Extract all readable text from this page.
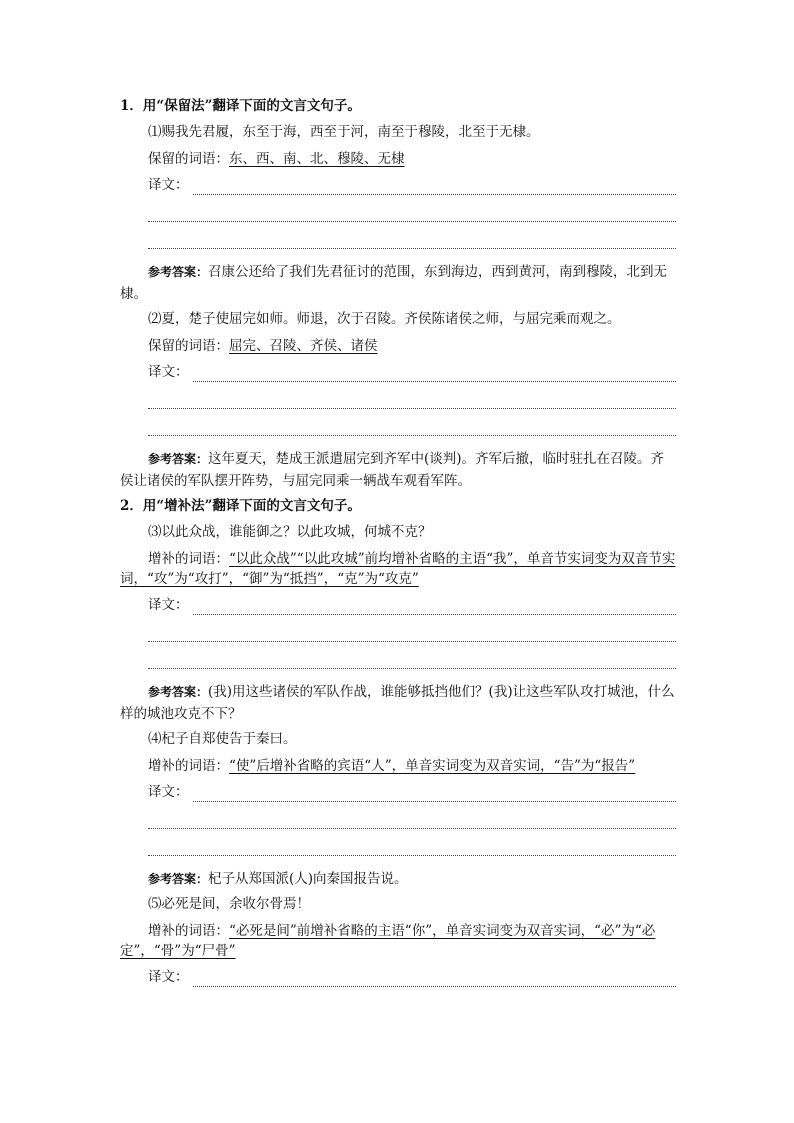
1．用“保留法”翻译下面的文言文句子。
⑴赐我先君履，东至于海，西至于河，南至于穆陵，北至于无棣。
保留的词语：东、西、南、北、穆陵、无棣
译文：
参考答案：召康公还给了我们先君征讨的范围，东到海边，西到黄河，南到穆陵，北到无棣。
⑵夏，楚子使屈完如师。师退，次于召陵。齐侯陈诸侯之师，与屈完乘而观之。
保留的词语：屈完、召陵、齐侯、诸侯
译文：
参考答案：这年夏天，楚成王派遣屈完到齐军中(谈判)。齐军后撤，临时驻扎在召陵。齐侯让诸侯的军队摆开阵势，与屈完同乘一辆战车观看军阵。
2．用“增补法”翻译下面的文言文句子。
⑶以此众战，谁能御之？以此攻城，何城不克？
增补的词语：“以此众战”“以此攻城”前均增补省略的主语“我”，单音节实词变为双音节实词，“攻”为“攻打”，“御”为“抵挡”，“克”为“攻克”
译文：
参考答案：(我)用这些诸侯的军队作战，谁能够抵挡他们？(我)让这些军队攻打城池，什么样的城池攻克不下？
⑷杞子自郑使告于秦曰。
增补的词语：“使”后增补省略的宾语“人”，单音实词变为双音实词，“告”为“报告”
译文：
参考答案：杞子从郑国派(人)向秦国报告说。
⑸必死是间，余收尔骨焉！
增补的词语：“必死是间”前增补省略的主语“你”，单音实词变为双音实词，“必”为“必定”，“骨”为“尸骨”
译文：
